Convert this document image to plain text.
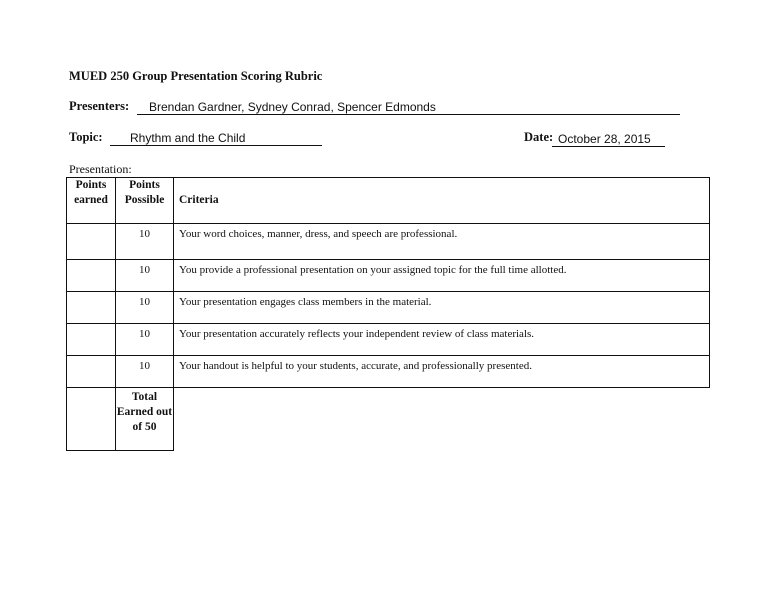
MUED 250 Group Presentation Scoring Rubric
Presenters:	Brendan Gardner, Sydney Conrad, Spencer Edmonds
Topic:	Rhythm and the Child	Date: October 28, 2015
Presentation:
Points earned	Points Possible	Criteria
	10	Your word choices, manner, dress, and speech are professional.
	10	You provide a professional presentation on your assigned topic for the full time allotted.
	10	Your presentation engages class members in the material.
	10	Your presentation accurately reflects your independent review of class materials.
	10	Your handout is helpful to your students, accurate, and professionally presented.
	Total Earned out of 50	
